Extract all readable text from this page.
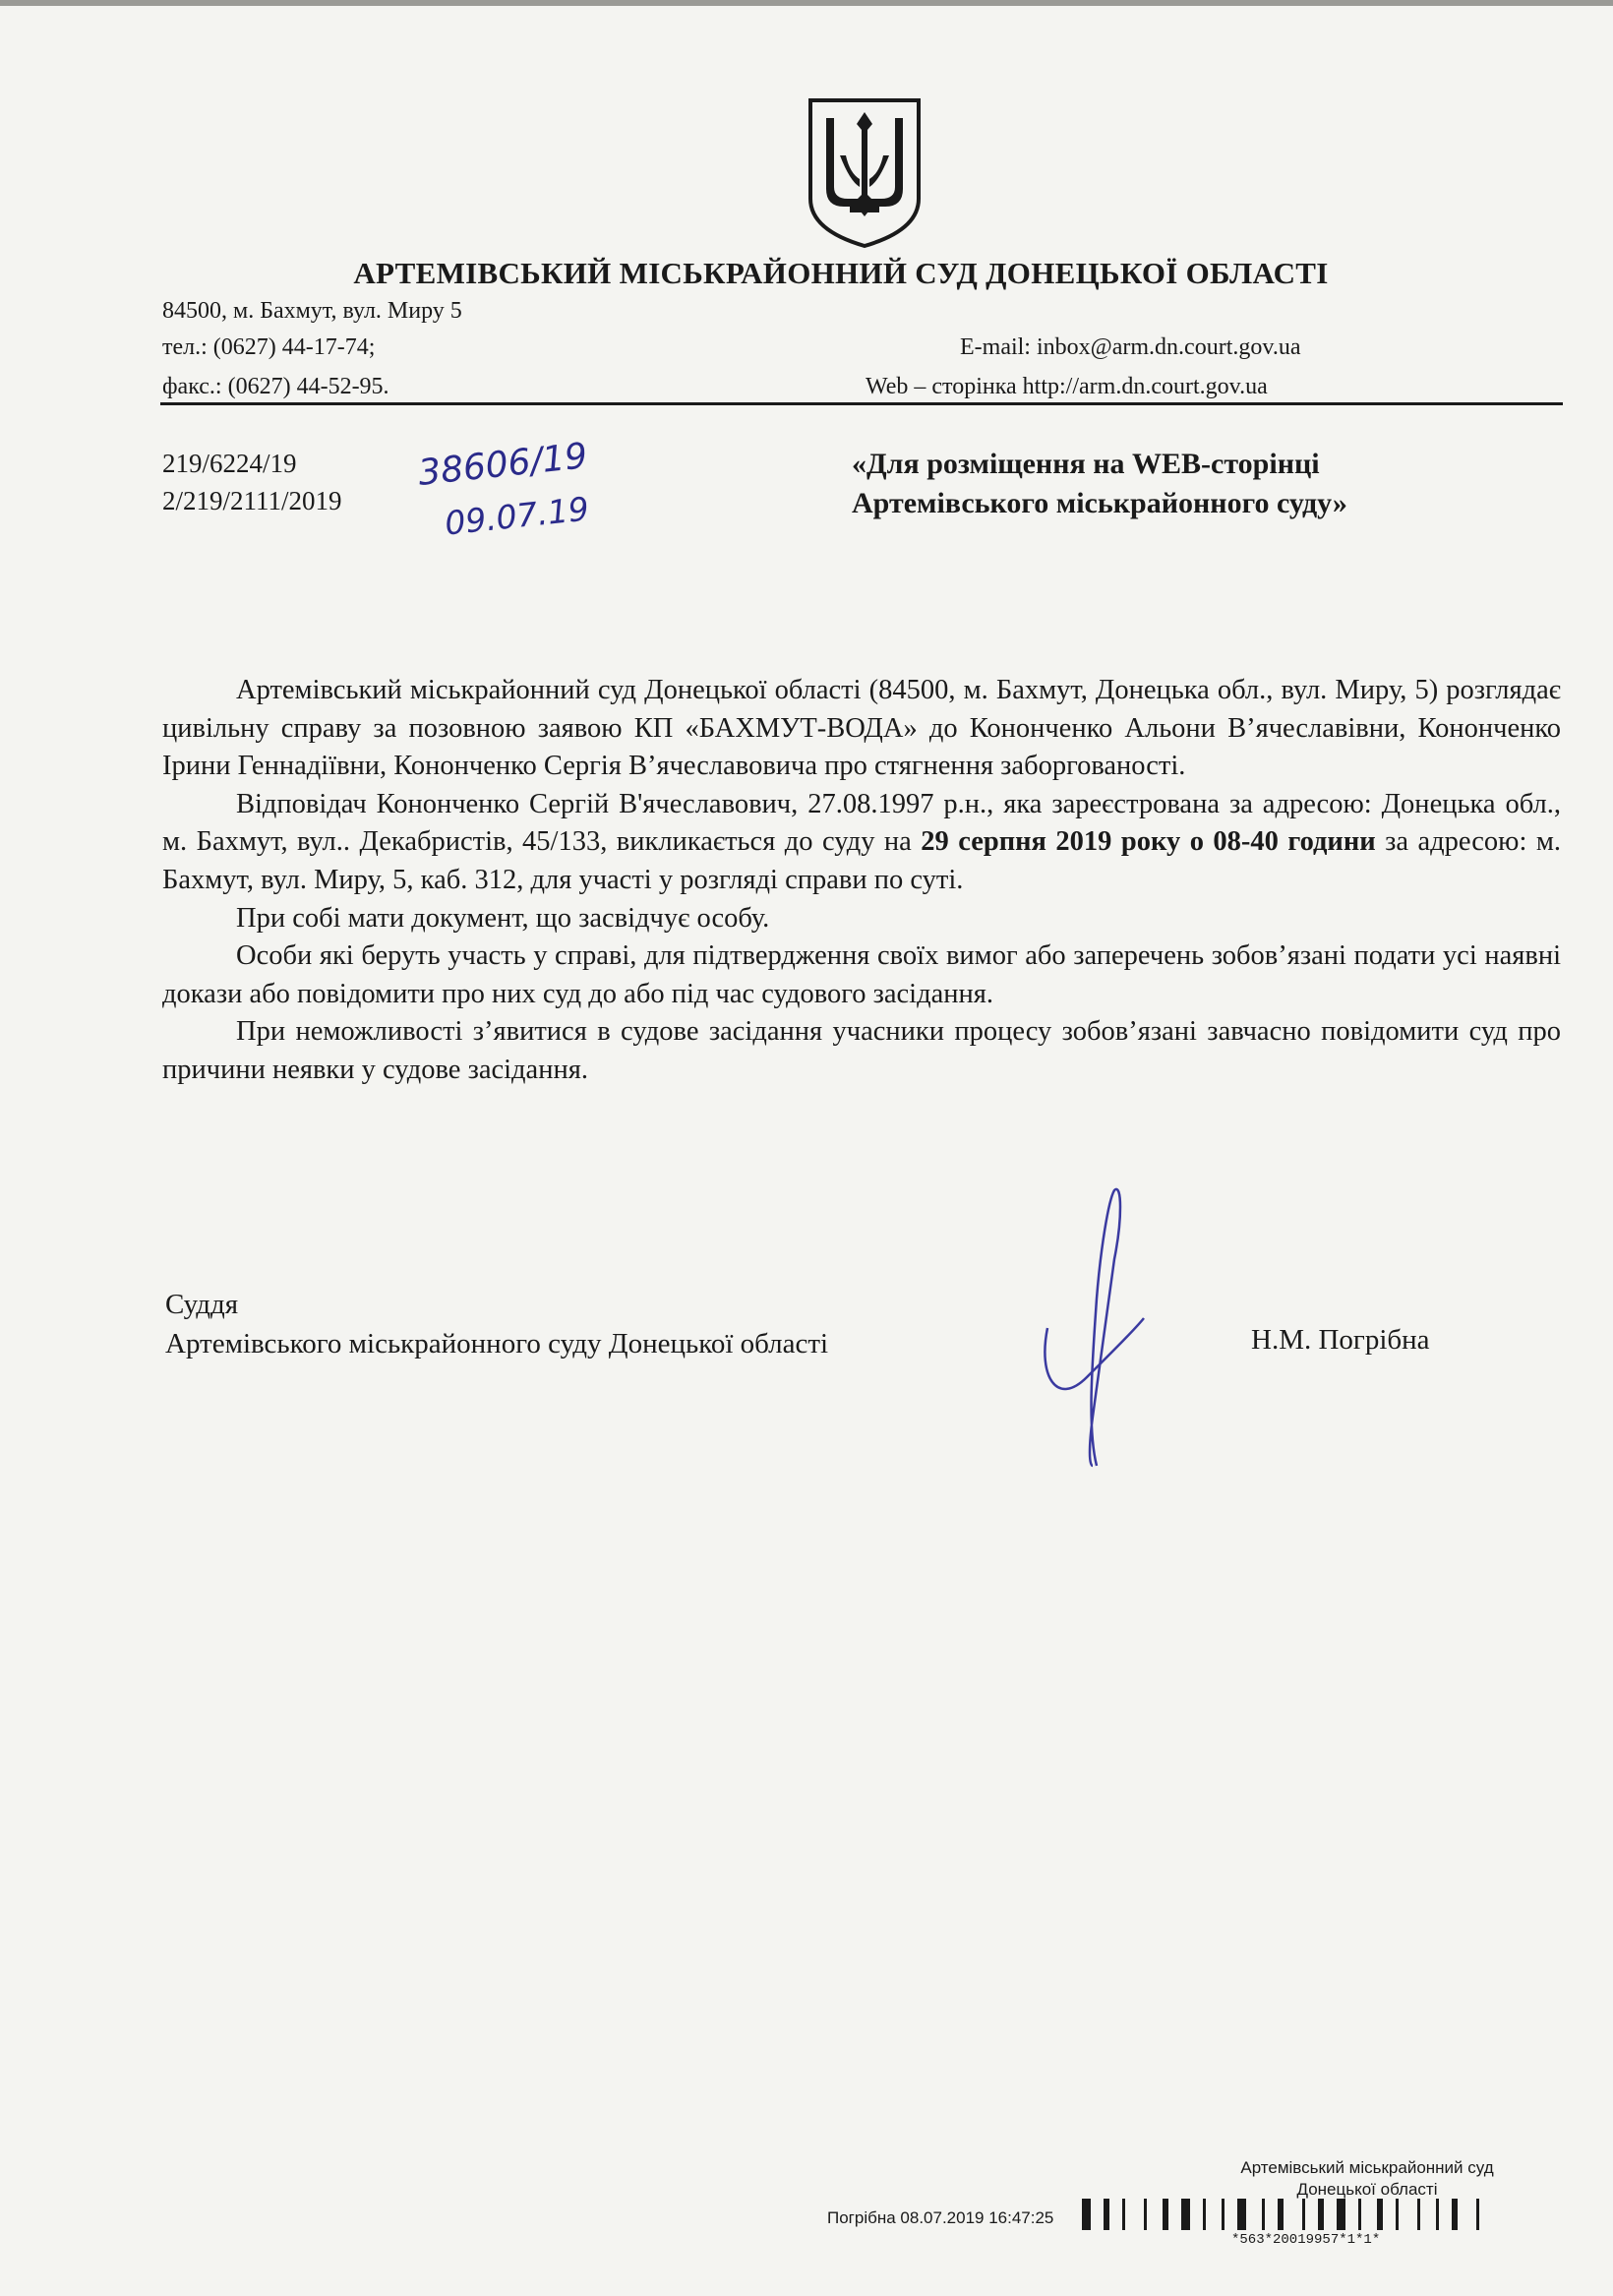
АРТЕМІВСЬКИЙ МІСЬКРАЙОННИЙ СУД ДОНЕЦЬКОЇ ОБЛАСТІ
84500, м. Бахмут, вул. Миру 5
тел.: (0627) 44-17-74;
факс.: (0627) 44-52-95.
E-mail: inbox@arm.dn.court.gov.ua
Web – сторінка http://arm.dn.court.gov.ua
219/6224/19
2/219/2111/2019
38606/19
09.07.19
«Для розміщення на WEB-сторінці
Артемівського міськрайонного суду»

Артемівський міськрайонний суд Донецької області (84500, м. Бахмут, Донецька обл., вул. Миру, 5) розглядає цивільну справу за позовною заявою КП «БАХМУТ-ВОДА» до Конончeнко Альони В’ячеславівни, Конончeнко Ірини Геннадіївни, Конончeнко Сергія В’ячеславовича про стягнення заборгованості.

Відповідач Конончeнко Сергій В'ячеславович, 27.08.1997 р.н., яка зареєстрована за адресою: Донецька обл., м. Бахмут, вул.. Декабристів, 45/133, викликається до суду на 29 серпня 2019 року о 08-40 години за адресою: м. Бахмут, вул. Миру, 5, каб. 312, для участі у розгляді справи по суті.

При собі мати документ, що засвідчує особу.

Особи які беруть участь у справі, для підтвердження своїх вимог або заперечень зобов’язані подати усі наявні докази або повідомити про них суд до або під час судового засідання.

При неможливості з’явитися в судове засідання учасники процесу зобов’язані завчасно повідомити суд про причини неявки у судове засідання.

Суддя
Артемівського міськрайонного суду Донецької області	Н.М. Погрібна
Артемівський міськрайонний суд
Донецької області
Погрібна 08.07.2019 16:47:25
*563*20019957*1*1*
